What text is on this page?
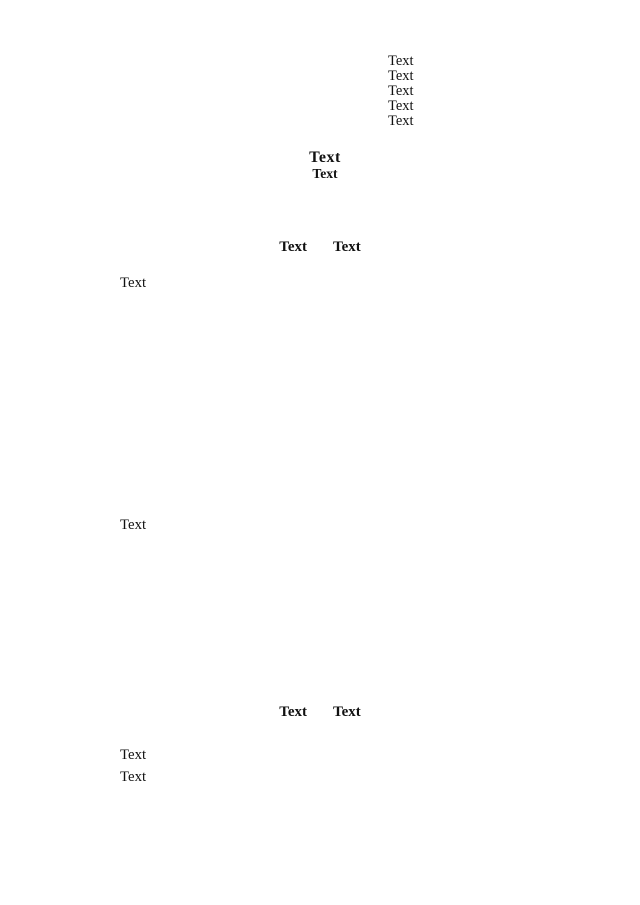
Text
Text
Text
Text
Text
Text
Text
Text Text
Text
Text
Text Text
Text
Text
